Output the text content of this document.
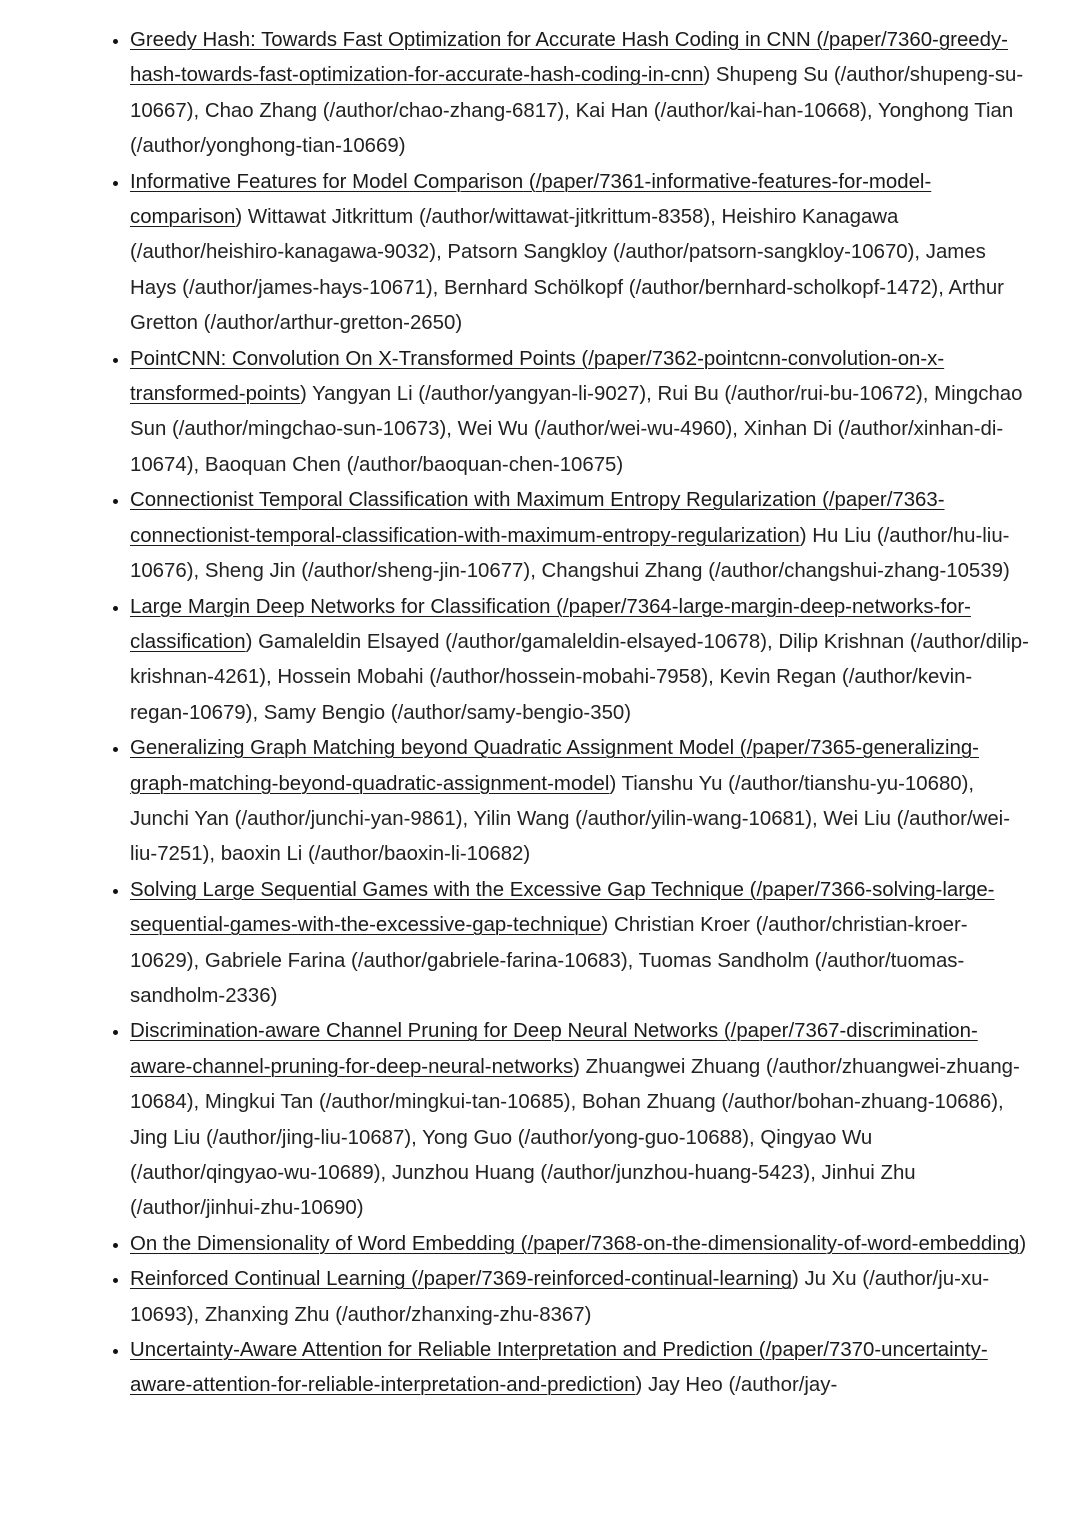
• Greedy Hash: Towards Fast Optimization for Accurate Hash Coding in CNN (/paper/7360-greedy-hash-towards-fast-optimization-for-accurate-hash-coding-in-cnn) Shupeng Su (/author/shupeng-su-10667), Chao Zhang (/author/chao-zhang-6817), Kai Han (/author/kai-han-10668), Yonghong Tian (/author/yonghong-tian-10669)
• Informative Features for Model Comparison (/paper/7361-informative-features-for-model-comparison) Wittawat Jitkrittum (/author/wittawat-jitkrittum-8358), Heishiro Kanagawa (/author/heishiro-kanagawa-9032), Patsorn Sangkloy (/author/patsorn-sangkloy-10670), James Hays (/author/james-hays-10671), Bernhard Schölkopf (/author/bernhard-scholkopf-1472), Arthur Gretton (/author/arthur-gretton-2650)
• PointCNN: Convolution On X-Transformed Points (/paper/7362-pointcnn-convolution-on-x-transformed-points) Yangyan Li (/author/yangyan-li-9027), Rui Bu (/author/rui-bu-10672), Mingchao Sun (/author/mingchao-sun-10673), Wei Wu (/author/wei-wu-4960), Xinhan Di (/author/xinhan-di-10674), Baoquan Chen (/author/baoquan-chen-10675)
• Connectionist Temporal Classification with Maximum Entropy Regularization (/paper/7363-connectionist-temporal-classification-with-maximum-entropy-regularization) Hu Liu (/author/hu-liu-10676), Sheng Jin (/author/sheng-jin-10677), Changshui Zhang (/author/changshui-zhang-10539)
• Large Margin Deep Networks for Classification (/paper/7364-large-margin-deep-networks-for-classification) Gamaleldin Elsayed (/author/gamaleldin-elsayed-10678), Dilip Krishnan (/author/dilip-krishnan-4261), Hossein Mobahi (/author/hossein-mobahi-7958), Kevin Regan (/author/kevin-regan-10679), Samy Bengio (/author/samy-bengio-350)
• Generalizing Graph Matching beyond Quadratic Assignment Model (/paper/7365-generalizing-graph-matching-beyond-quadratic-assignment-model) Tianshu Yu (/author/tianshu-yu-10680), Junchi Yan (/author/junchi-yan-9861), Yilin Wang (/author/yilin-wang-10681), Wei Liu (/author/wei-liu-7251), baoxin Li (/author/baoxin-li-10682)
• Solving Large Sequential Games with the Excessive Gap Technique (/paper/7366-solving-large-sequential-games-with-the-excessive-gap-technique) Christian Kroer (/author/christian-kroer-10629), Gabriele Farina (/author/gabriele-farina-10683), Tuomas Sandholm (/author/tuomas-sandholm-2336)
• Discrimination-aware Channel Pruning for Deep Neural Networks (/paper/7367-discrimination-aware-channel-pruning-for-deep-neural-networks) Zhuangwei Zhuang (/author/zhuangwei-zhuang-10684), Mingkui Tan (/author/mingkui-tan-10685), Bohan Zhuang (/author/bohan-zhuang-10686), Jing Liu (/author/jing-liu-10687), Yong Guo (/author/yong-guo-10688), Qingyao Wu (/author/qingyao-wu-10689), Junzhou Huang (/author/junzhou-huang-5423), Jinhui Zhu (/author/jinhui-zhu-10690)
• On the Dimensionality of Word Embedding (/paper/7368-on-the-dimensionality-of-word-embedding)
• Reinforced Continual Learning (/paper/7369-reinforced-continual-learning) Ju Xu (/author/ju-xu-10693), Zhanxing Zhu (/author/zhanxing-zhu-8367)
• Uncertainty-Aware Attention for Reliable Interpretation and Prediction (/paper/7370-uncertainty-aware-attention-for-reliable-interpretation-and-prediction) Jay Heo (/author/jay-
